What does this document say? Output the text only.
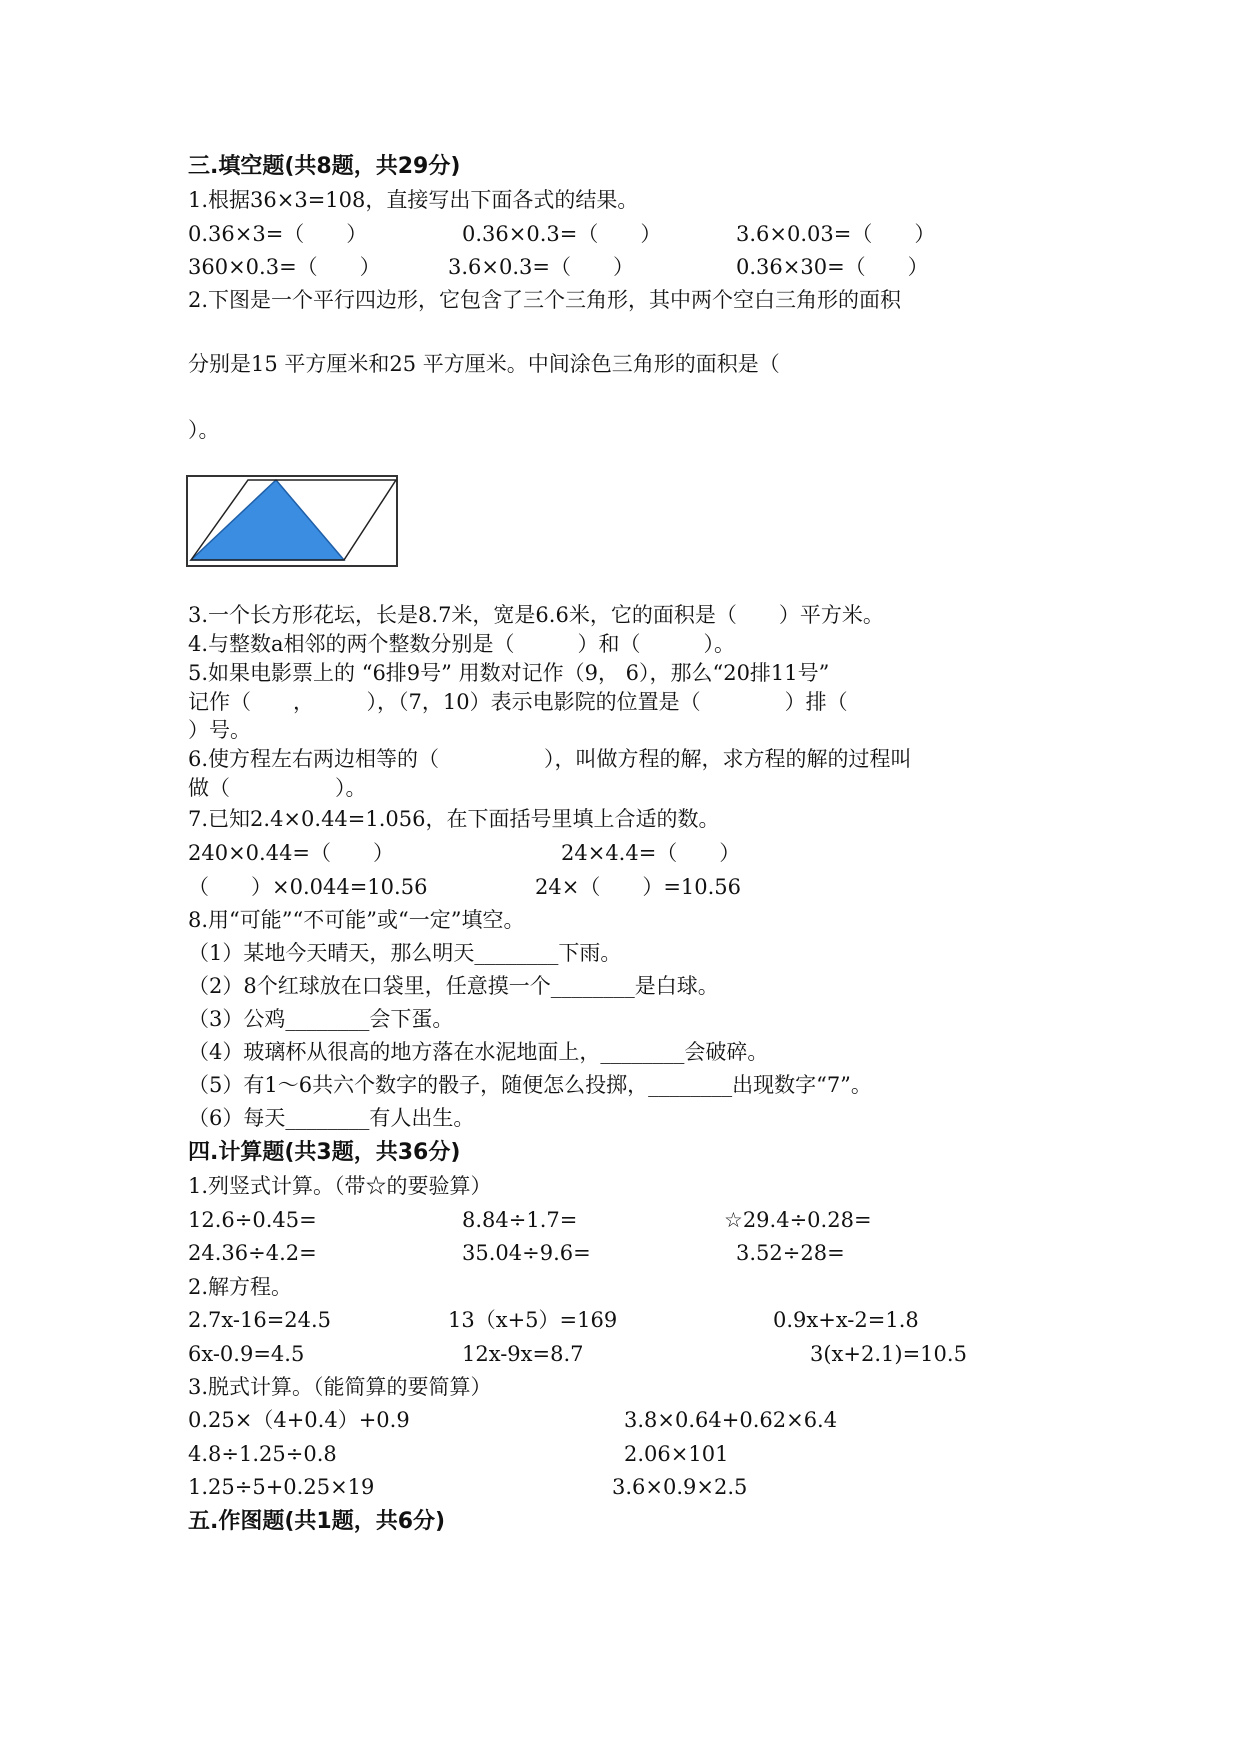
三.填空题(共8题，共29分)
1.根据36×3=108，直接写出下面各式的结果。
0.36×3=（　　）	0.36×0.3=（　　）	3.6×0.03=（　　）
360×0.3=（　　）	3.6×0.3=（　　）	0.36×30=（　　）
2.下图是一个平行四边形，它包含了三个三角形，其中两个空白三角形的面积
分别是15 平方厘米和25 平方厘米。中间涂色三角形的面积是（
）。
3.一个长方形花坛，长是8.7米，宽是6.6米，它的面积是（　　）平方米。
4.与整数a相邻的两个整数分别是（　　　）和（　　　）。
5.如果电影票上的 “6排9号” 用数对记作（9， 6），那么“20排11号”
记作（　　，　　　），（7，10）表示电影院的位置是（　　　　）排（
）号。
6.使方程左右两边相等的（　　　　　），叫做方程的解，求方程的解的过程叫
做（　　　　　）。
7.已知2.4×0.44=1.056，在下面括号里填上合适的数。
240×0.44=（　　）	24×4.4=（　　）
（　　）×0.044=10.56	24×（　　）=10.56
8.用“可能”“不可能”或“一定”填空。
（1）某地今天晴天，那么明天________下雨。
（2）8个红球放在口袋里，任意摸一个________是白球。
（3）公鸡________会下蛋。
（4）玻璃杯从很高的地方落在水泥地面上，________会破碎。
（5）有1～6共六个数字的骰子，随便怎么投掷，________出现数字“7”。
（6）每天________有人出生。
四.计算题(共3题，共36分)
1.列竖式计算。（带☆的要验算）
12.6÷0.45=	8.84÷1.7=	☆29.4÷0.28=
24.36÷4.2=	35.04÷9.6=	3.52÷28=
2.解方程。
2.7x-16=24.5	13（x+5）=169	0.9x+x-2=1.8
6x-0.9=4.5	12x-9x=8.7	3(x+2.1)=10.5
3.脱式计算。（能简算的要简算）
0.25×（4+0.4）+0.9	3.8×0.64+0.62×6.4
4.8÷1.25÷0.8	2.06×101
1.25÷5+0.25×19	3.6×0.9×2.5
五.作图题(共1题，共6分)
